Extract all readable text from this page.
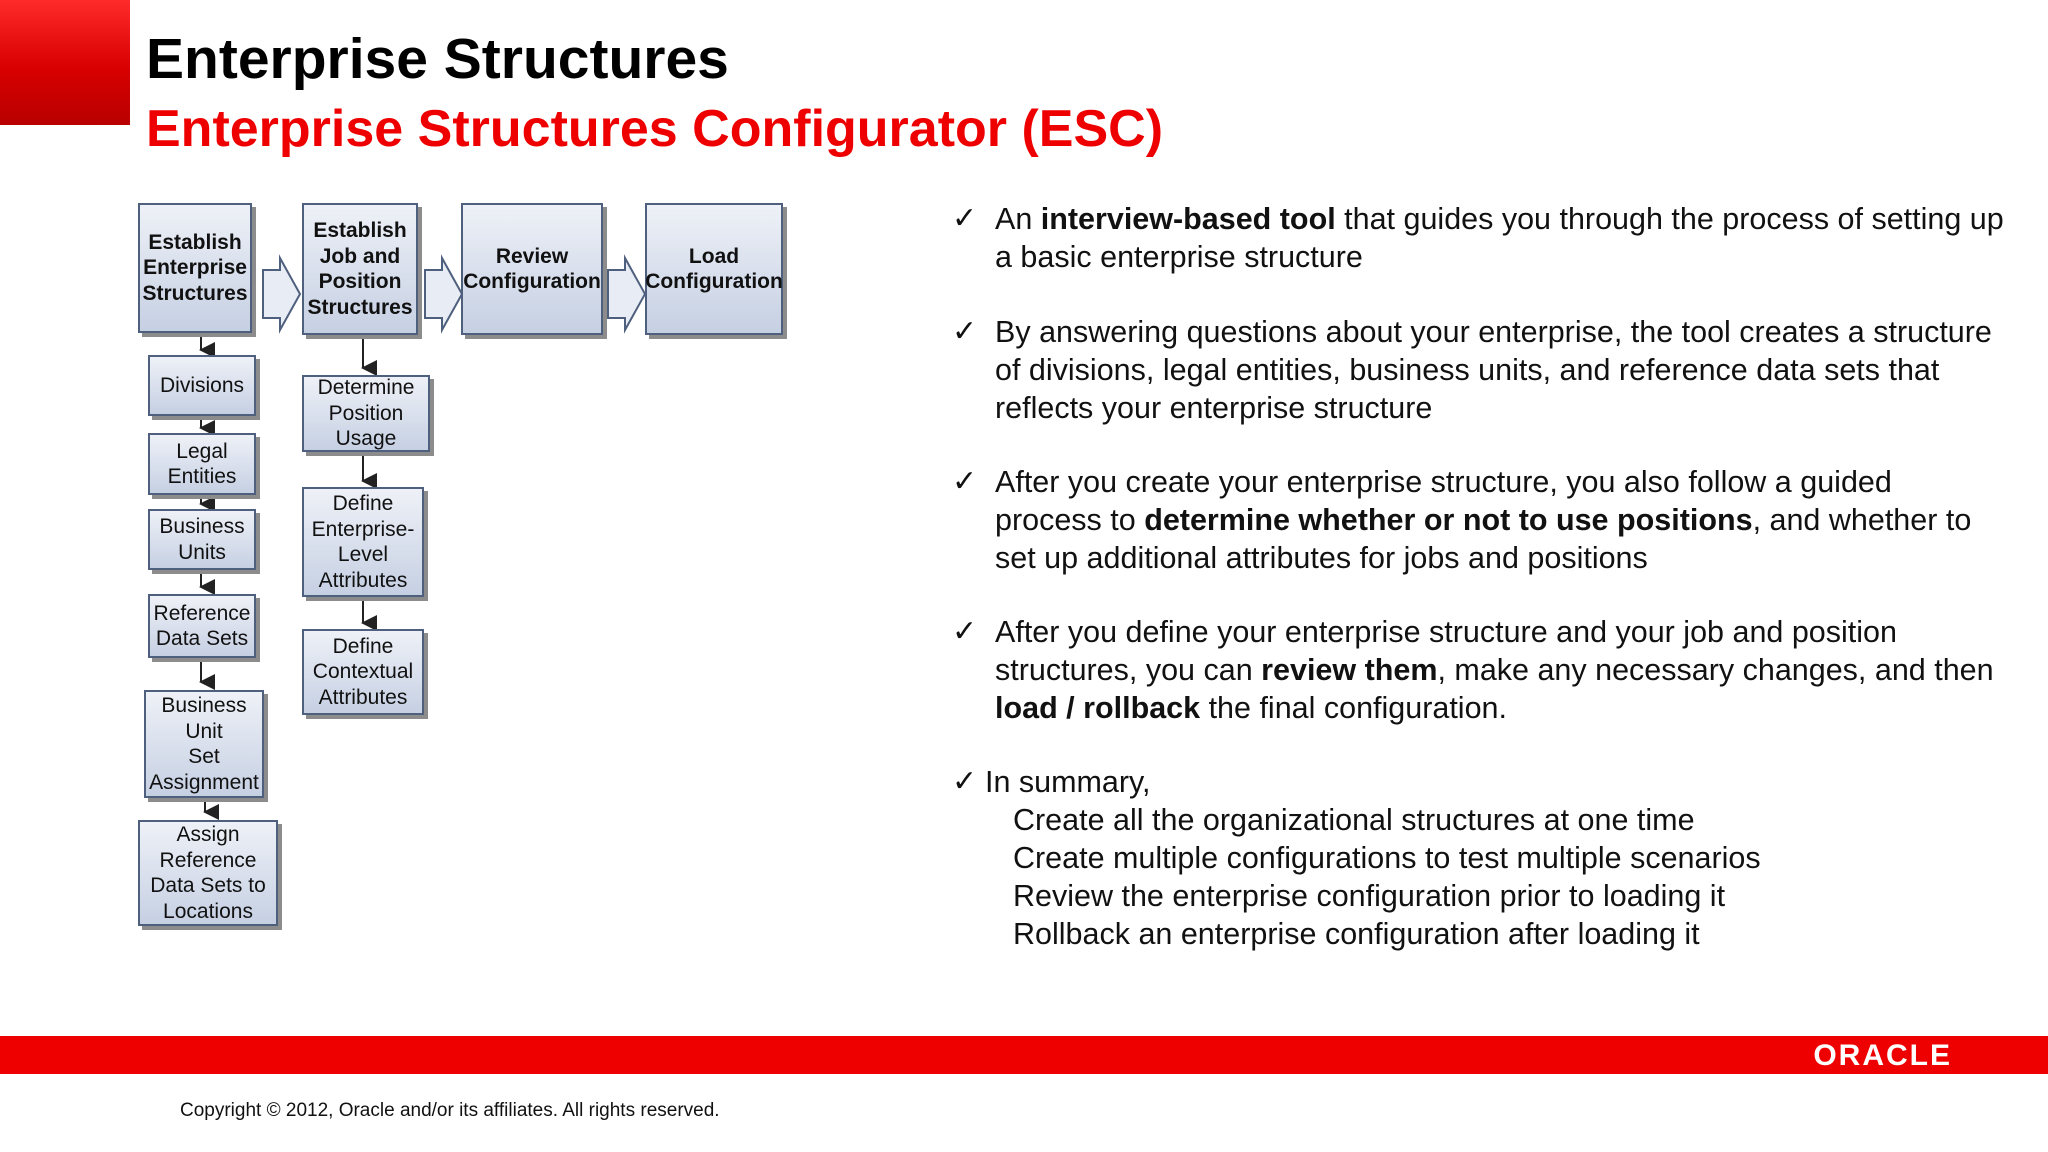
Enterprise Structures
Enterprise Structures Configurator (ESC)
Establish
Enterprise
Structures
Establish
Job and
Position
Structures
Review
Configuration
Load
Configuration
Divisions
Legal
Entities
Business
Units
Reference
Data Sets
Business
Unit
Set
Assignment
Assign
Reference
Data Sets to
Locations
Determine
Position
Usage
Define
Enterprise-
Level
Attributes
Define
Contextual
Attributes
✓ An interview-based tool that guides you through the process of setting up a basic enterprise structure
✓ By answering questions about your enterprise, the tool creates a structure of divisions, legal entities, business units, and reference data sets that reflects your enterprise structure
✓ After you create your enterprise structure, you also follow a guided process to determine whether or not to use positions, and whether to set up additional attributes for jobs and positions
✓ After you define your enterprise structure and your job and position structures, you can review them, make any necessary changes, and then load / rollback the final configuration.
✓ In summary,
Create all the organizational structures at one time
Create multiple configurations to test multiple scenarios
Review the enterprise configuration prior to loading it
Rollback an enterprise configuration after loading it
ORACLE
Copyright © 2012, Oracle and/or its affiliates. All rights reserved.
